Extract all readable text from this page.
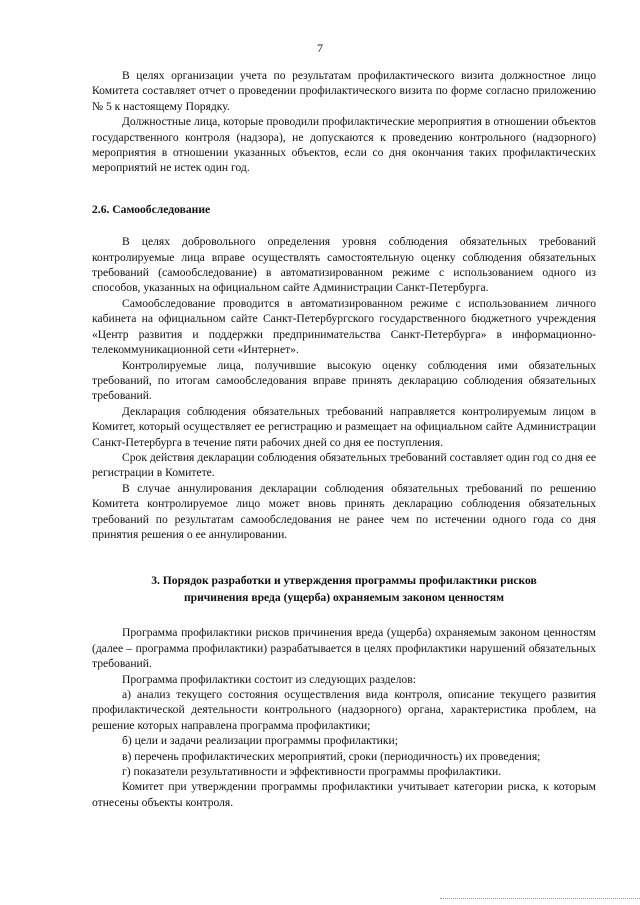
7

В целях организации учета по результатам профилактического визита должностное лицо Комитета составляет отчет о проведении профилактического визита по форме согласно приложению № 5 к настоящему Порядку.

Должностные лица, которые проводили профилактические мероприятия в отношении объектов государственного контроля (надзора), не допускаются к проведению контрольного (надзорного) мероприятия в отношении указанных объектов, если со дня окончания таких профилактических мероприятий не истек один год.

2.6. Самообследование

В целях добровольного определения уровня соблюдения обязательных требований контролируемые лица вправе осуществлять самостоятельную оценку соблюдения обязательных требований (самообследование) в автоматизированном режиме с использованием одного из способов, указанных на официальном сайте Администрации Санкт-Петербурга.

Самообследование проводится в автоматизированном режиме с использованием личного кабинета на официальном сайте Санкт-Петербургского государственного бюджетного учреждения «Центр развития и поддержки предпринимательства Санкт-Петербурга» в информационно-телекоммуникационной сети «Интернет».

Контролируемые лица, получившие высокую оценку соблюдения ими обязательных требований, по итогам самообследования вправе принять декларацию соблюдения обязательных требований.

Декларация соблюдения обязательных требований направляется контролируемым лицом в Комитет, который осуществляет ее регистрацию и размещает на официальном сайте Администрации Санкт-Петербурга в течение пяти рабочих дней со дня ее поступления.

Срок действия декларации соблюдения обязательных требований составляет один год со дня ее регистрации в Комитете.

В случае аннулирования декларации соблюдения обязательных требований по решению Комитета контролируемое лицо может вновь принять декларацию соблюдения обязательных требований по результатам самообследования не ранее чем по истечении одного года со дня принятия решения о ее аннулировании.

3. Порядок разработки и утверждения программы профилактики рисков
причинения вреда (ущерба) охраняемым законом ценностям

Программа профилактики рисков причинения вреда (ущерба) охраняемым законом ценностям (далее – программа профилактики) разрабатывается в целях профилактики нарушений обязательных требований.

Программа профилактики состоит из следующих разделов:

а) анализ текущего состояния осуществления вида контроля, описание текущего развития профилактической деятельности контрольного (надзорного) органа, характеристика проблем, на решение которых направлена программа профилактики;

б) цели и задачи реализации программы профилактики;

в) перечень профилактических мероприятий, сроки (периодичность) их проведения;

г) показатели результативности и эффективности программы профилактики.

Комитет при утверждении программы профилактики учитывает категории риска, к которым отнесены объекты контроля.
